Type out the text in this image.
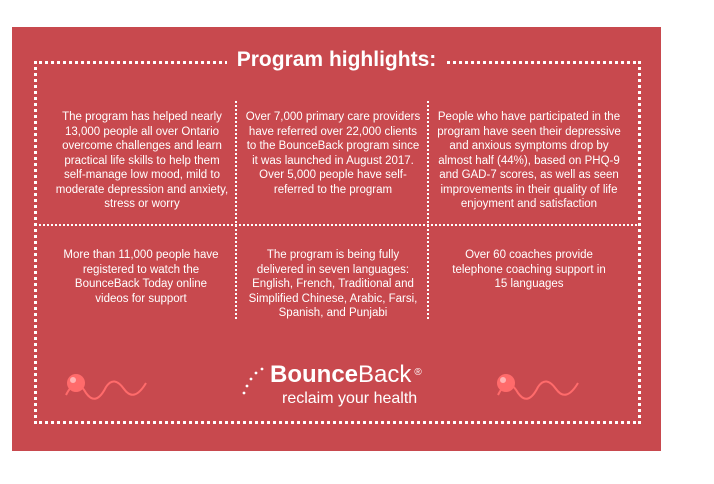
Program highlights:
The program has helped nearly 13,000 people all over Ontario overcome challenges and learn practical life skills to help them self-manage low mood, mild to moderate depression and anxiety, stress or worry
Over 7,000 primary care providers have referred over 22,000 clients to the BounceBack program since it was launched in August 2017. Over 5,000 people have self-referred to the program
People who have participated in the program have seen their depressive and anxious symptoms drop by almost half (44%), based on PHQ-9 and GAD-7 scores, as well as seen improvements in their quality of life enjoyment and satisfaction
More than 11,000 people have registered to watch the BounceBack Today online videos for support
The program is being fully delivered in seven languages: English, French, Traditional and Simplified Chinese, Arabic, Farsi, Spanish, and Punjabi
Over 60 coaches provide telephone coaching support in 15 languages
BounceBack ®
reclaim your health
